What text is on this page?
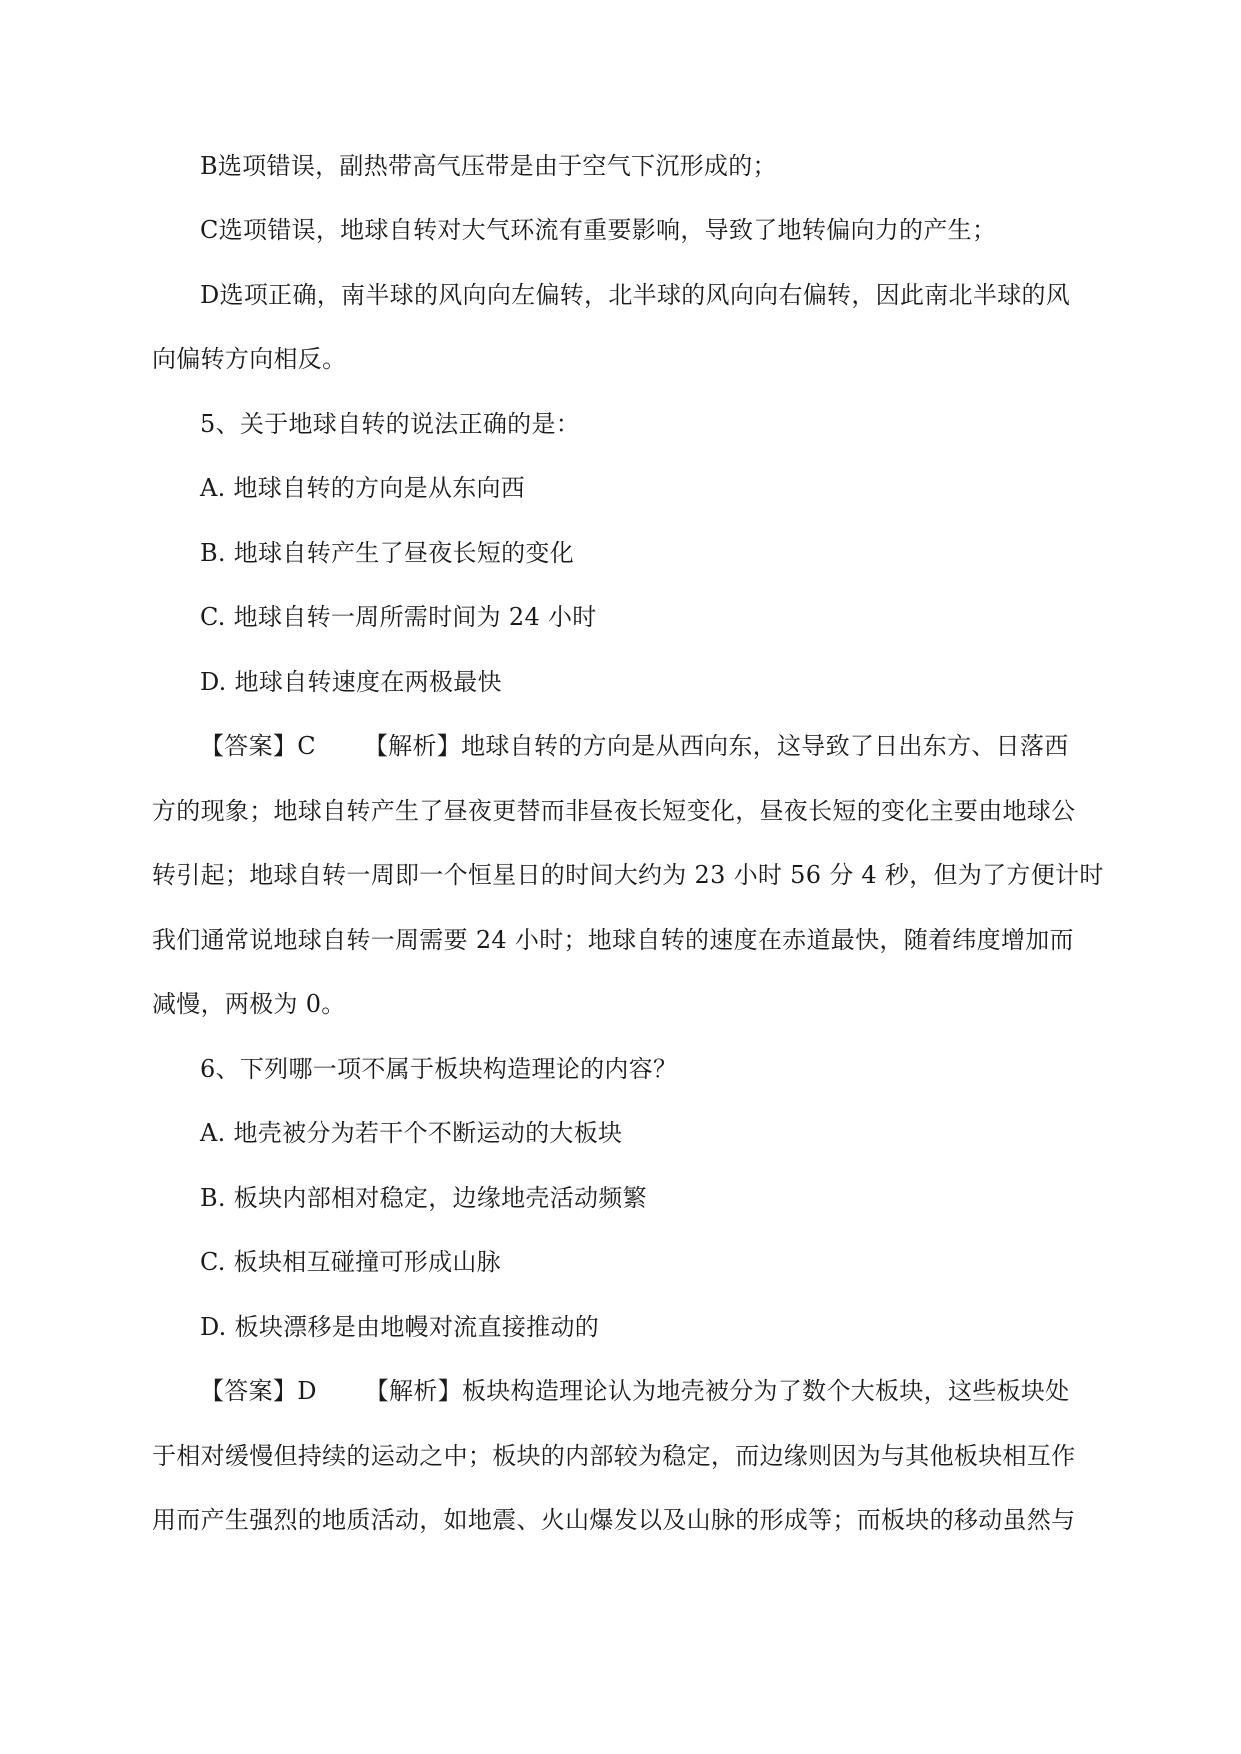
B选项错误，副热带高气压带是由于空气下沉形成的；
C选项错误，地球自转对大气环流有重要影响，导致了地转偏向力的产生；
D选项正确，南半球的风向向左偏转，北半球的风向向右偏转，因此南北半球的风
向偏转方向相反。
5、关于地球自转的说法正确的是：
A. 地球自转的方向是从东向西
B. 地球自转产生了昼夜长短的变化
C. 地球自转一周所需时间为 24 小时
D. 地球自转速度在两极最快
【答案】C 【解析】地球自转的方向是从西向东，这导致了日出东方、日落西
方的现象；地球自转产生了昼夜更替而非昼夜长短变化，昼夜长短的变化主要由地球公
转引起；地球自转一周即一个恒星日的时间大约为 23 小时 56 分 4 秒，但为了方便计时
我们通常说地球自转一周需要 24 小时；地球自转的速度在赤道最快，随着纬度增加而
减慢，两极为 0。
6、下列哪一项不属于板块构造理论的内容？
A. 地壳被分为若干个不断运动的大板块
B. 板块内部相对稳定，边缘地壳活动频繁
C. 板块相互碰撞可形成山脉
D. 板块漂移是由地幔对流直接推动的
【答案】D 【解析】板块构造理论认为地壳被分为了数个大板块，这些板块处
于相对缓慢但持续的运动之中；板块的内部较为稳定，而边缘则因为与其他板块相互作
用而产生强烈的地质活动，如地震、火山爆发以及山脉的形成等；而板块的移动虽然与
